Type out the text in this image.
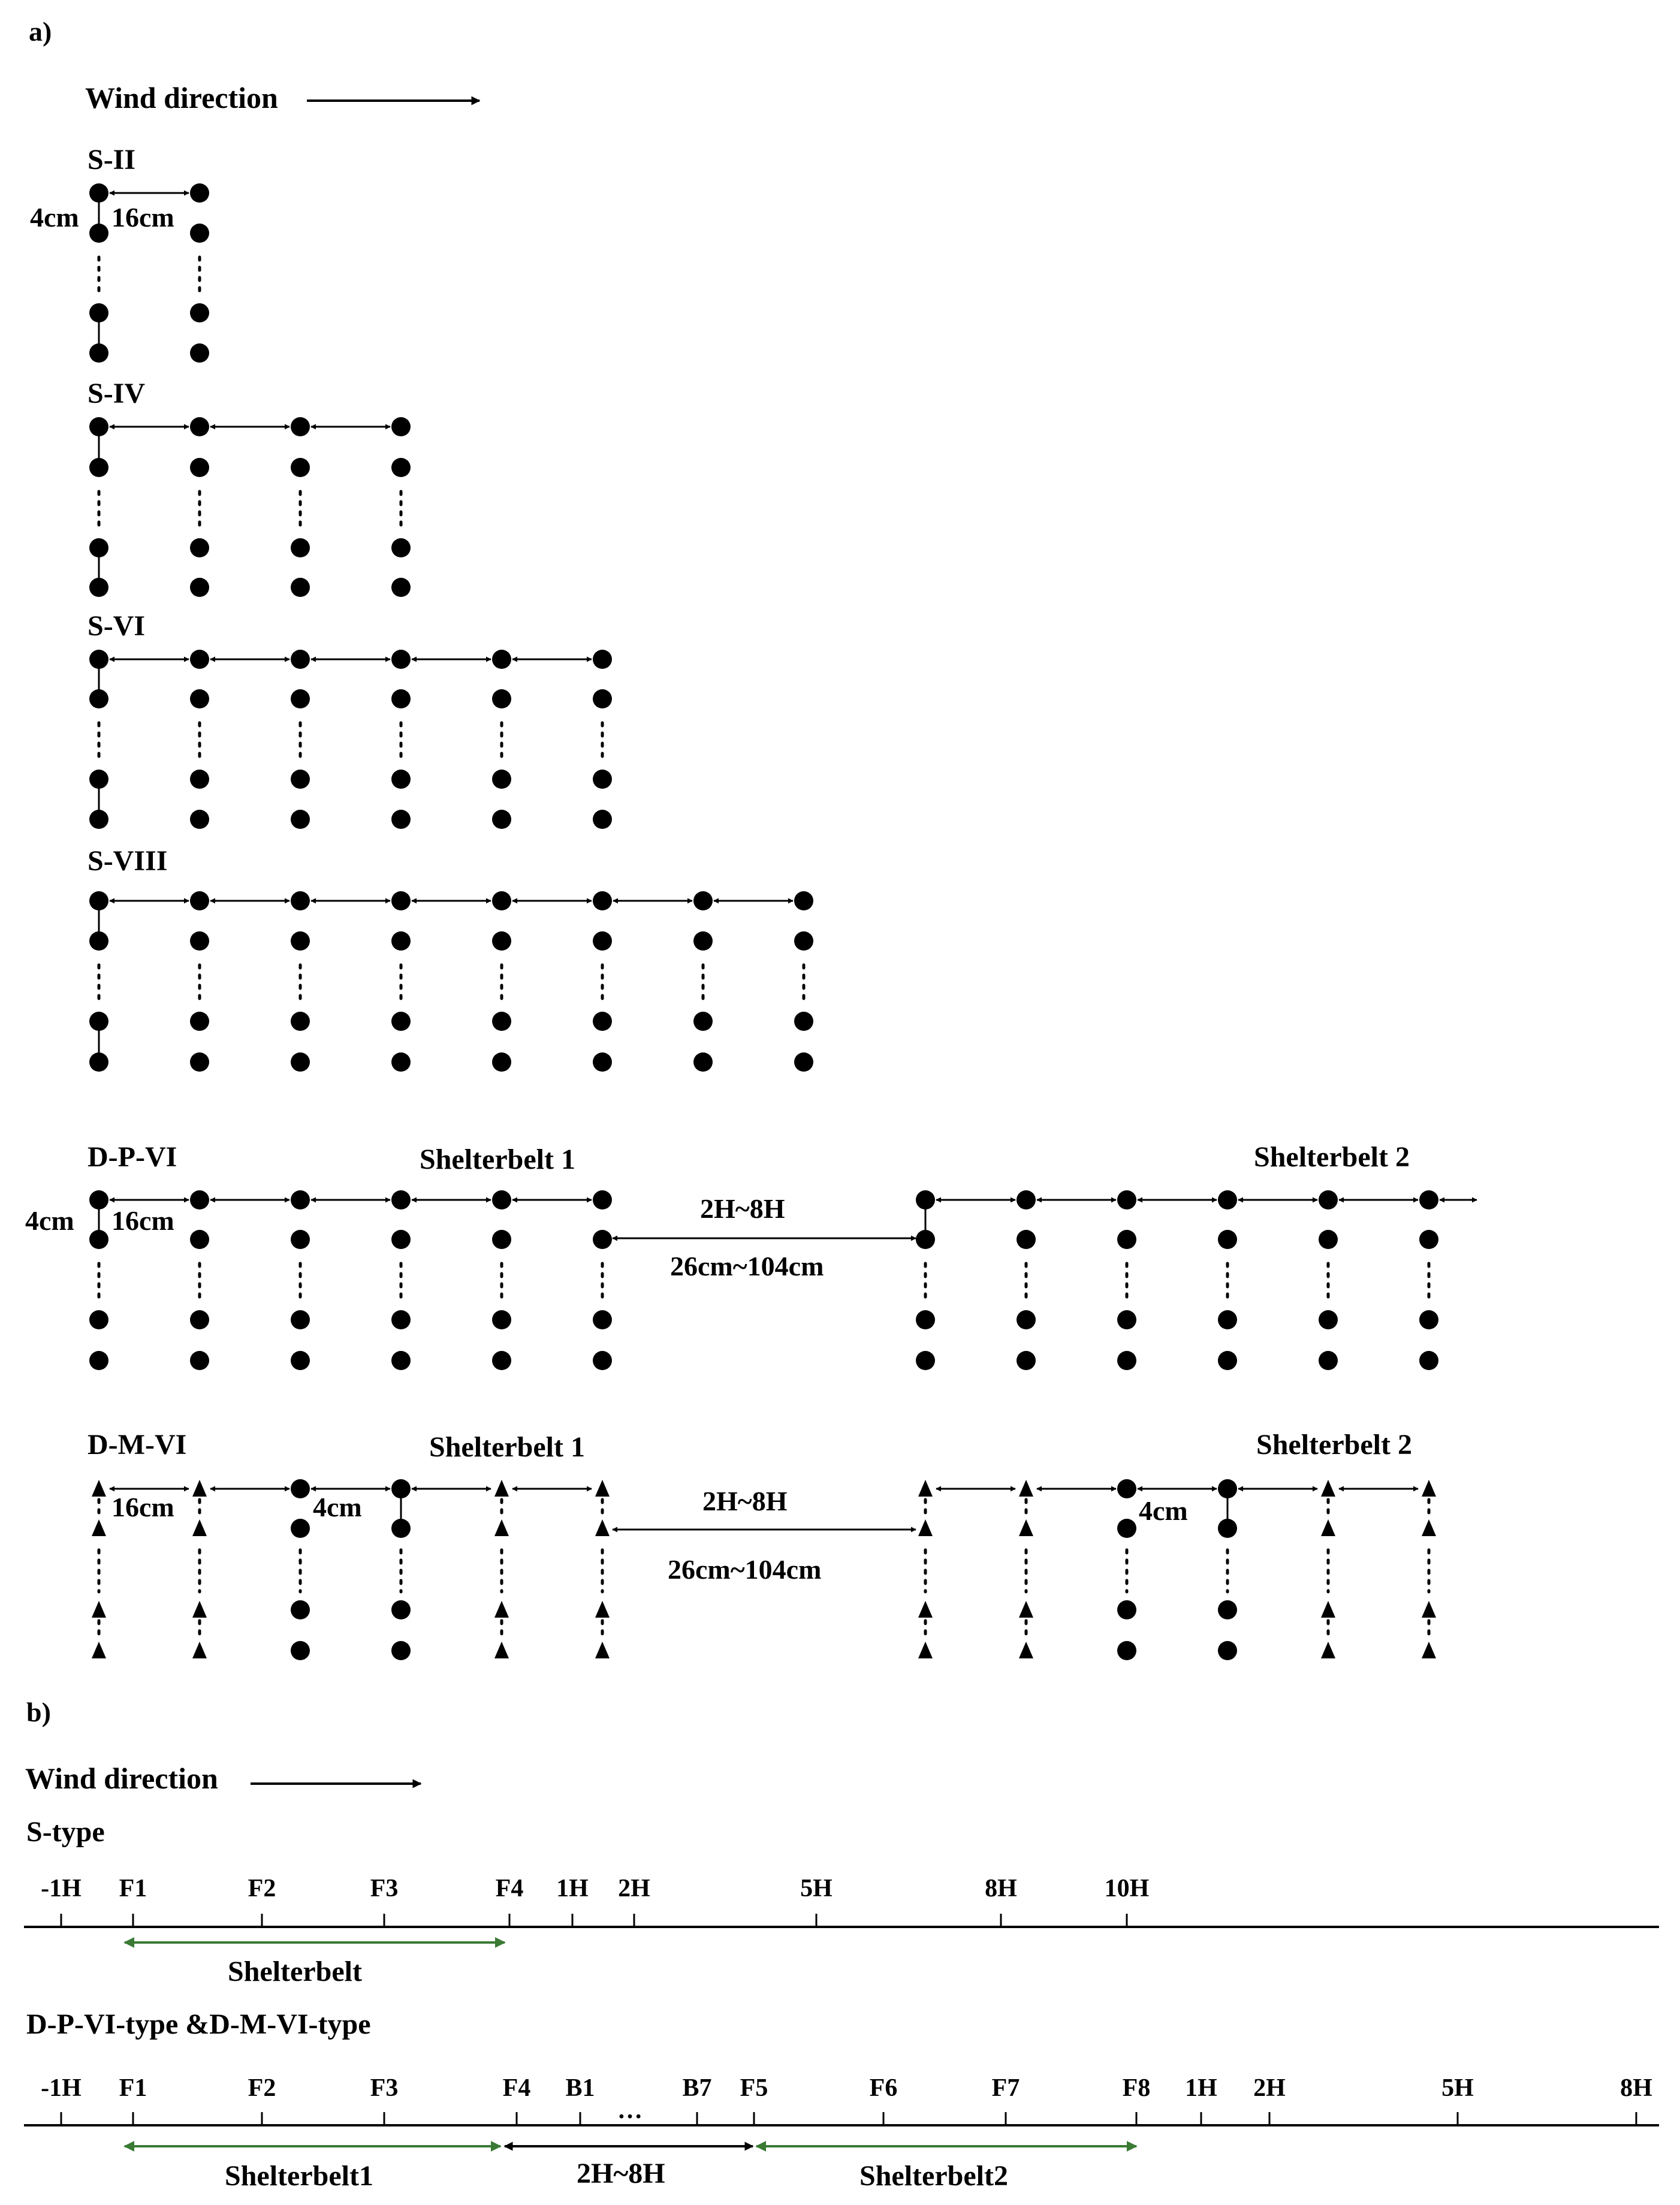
a)
Wind direction
S-II
4cm 16cm
S-IV
S-VI
S-VIII
D-P-VI	Shelterbelt 1	Shelterbelt 2
2H~8H
26cm~104cm
4cm 16cm
D-M-VI	Shelterbelt 1	Shelterbelt 2
2H~8H
26cm~104cm
16cm	4cm	4cm
b)
Wind direction
S-type
-1H F1	F2	F3	F4 1H 2H	5H	8H	10H
Shelterbelt
D-P-VI-type &D-M-VI-type
-1H F1	F2	F3	F4 B1	B7 F5	F6	F7	F8 1H 2H	5H	8H
…
Shelterbelt1	2H~8H	Shelterbelt2
